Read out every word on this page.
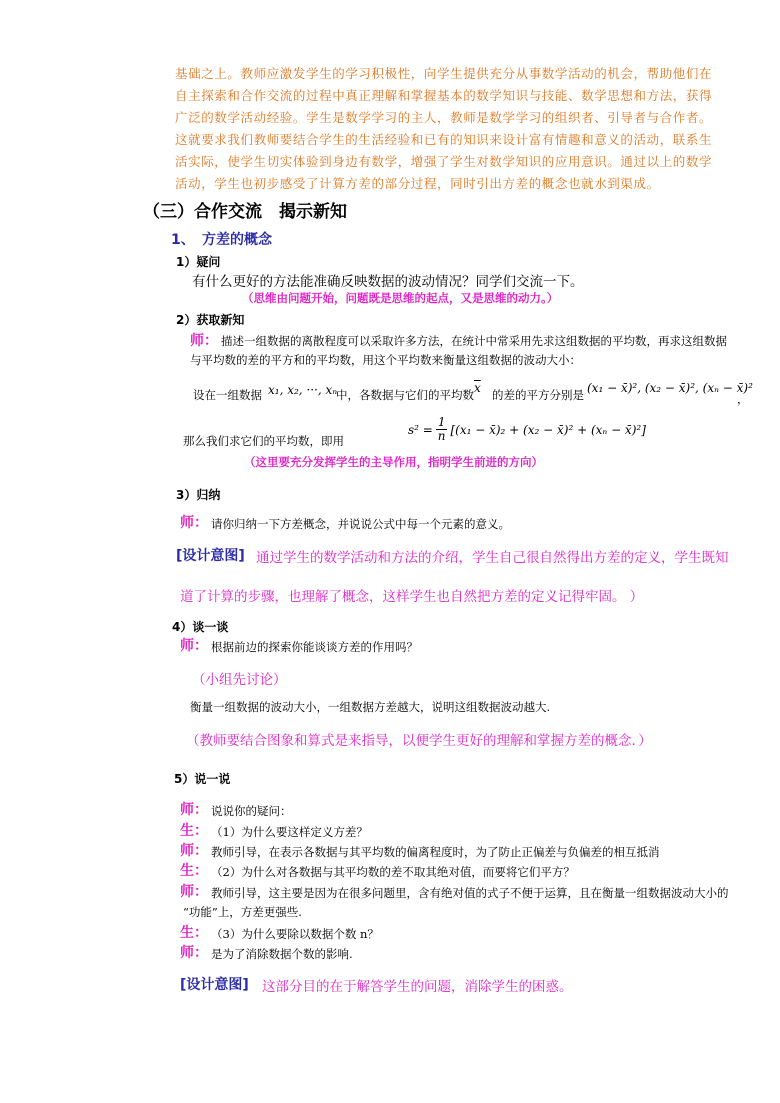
基础之上。教师应激发学生的学习积极性，向学生提供充分从事数学活动的机会，帮助他们在
自主探索和合作交流的过程中真正理解和掌握基本的数学知识与技能、数学思想和方法，获得
广泛的数学活动经验。学生是数学学习的主人，教师是数学学习的组织者、引导者与合作者。
这就要求我们教师要结合学生的生活经验和已有的知识来设计富有情趣和意义的活动，联系生
活实际，使学生切实体验到身边有数学，增强了学生对数学知识的应用意识。通过以上的数学
活动，学生也初步感受了计算方差的部分过程，同时引出方差的概念也就水到渠成。
（三）合作交流　揭示新知
1、 方差的概念
1）疑问
有什么更好的方法能准确反映数据的波动情况？同学们交流一下。
（思维由问题开始，问题既是思维的起点，又是思维的动力。）
2）获取新知
师： 描述一组数据的离散程度可以采取许多方法，在统计中常采用先求这组数据的平均数，再求这组数据
与平均数的差的平方和的平均数，用这个平均数来衡量这组数据的波动大小：
设在一组数据 x₁, x₂, ···, xₙ
中，各数据与它们的平均数 $\overline{x}$ 的差的平方分别是 (x₁ − x̄)², (x₂ − x̄)², (xₙ − x̄)²
，
那么我们求它们的平均数，即用
$s^2 = \frac{1}{n} [(x_1$ − x̄)₂ + (x₂ − x̄)² + (xₙ − x̄)²]
（这里要充分发挥学生的主导作用，指明学生前进的方向）
3）归纳
师： 请你归纳一下方差概念，并说说公式中每一个元素的意义。
[设计意图] 通过学生的数学活动和方法的介绍，学生自己很自然得出方差的定义，学生既知
道了计算的步骤，也理解了概念，这样学生也自然把方差的定义记得牢固。 ）
4）谈一谈
师： 根据前边的探索你能谈谈方差的作用吗？
（小组先讨论）
衡量一组数据的波动大小，一组数据方差越大，说明这组数据波动越大.
（教师要结合图象和算式是来指导，以便学生更好的理解和掌握方差的概念．）
5）说一说
师： 说说你的疑问：
生： （1）为什么要这样定义方差？
师： 教师引导，在表示各数据与其平均数的偏离程度时，为了防止正偏差与负偏差的相互抵消
生： （2）为什么对各数据与其平均数的差不取其绝对值，而要将它们平方？
师： 教师引导，这主要是因为在很多问题里，含有绝对值的式子不便于运算，且在衡量一组数据波动大小的
“功能”上，方差更强些.
生： （3）为什么要除以数据个数 n？
师： 是为了消除数据个数的影响.
[设计意图] 这部分目的在于解答学生的问题，消除学生的困惑。
